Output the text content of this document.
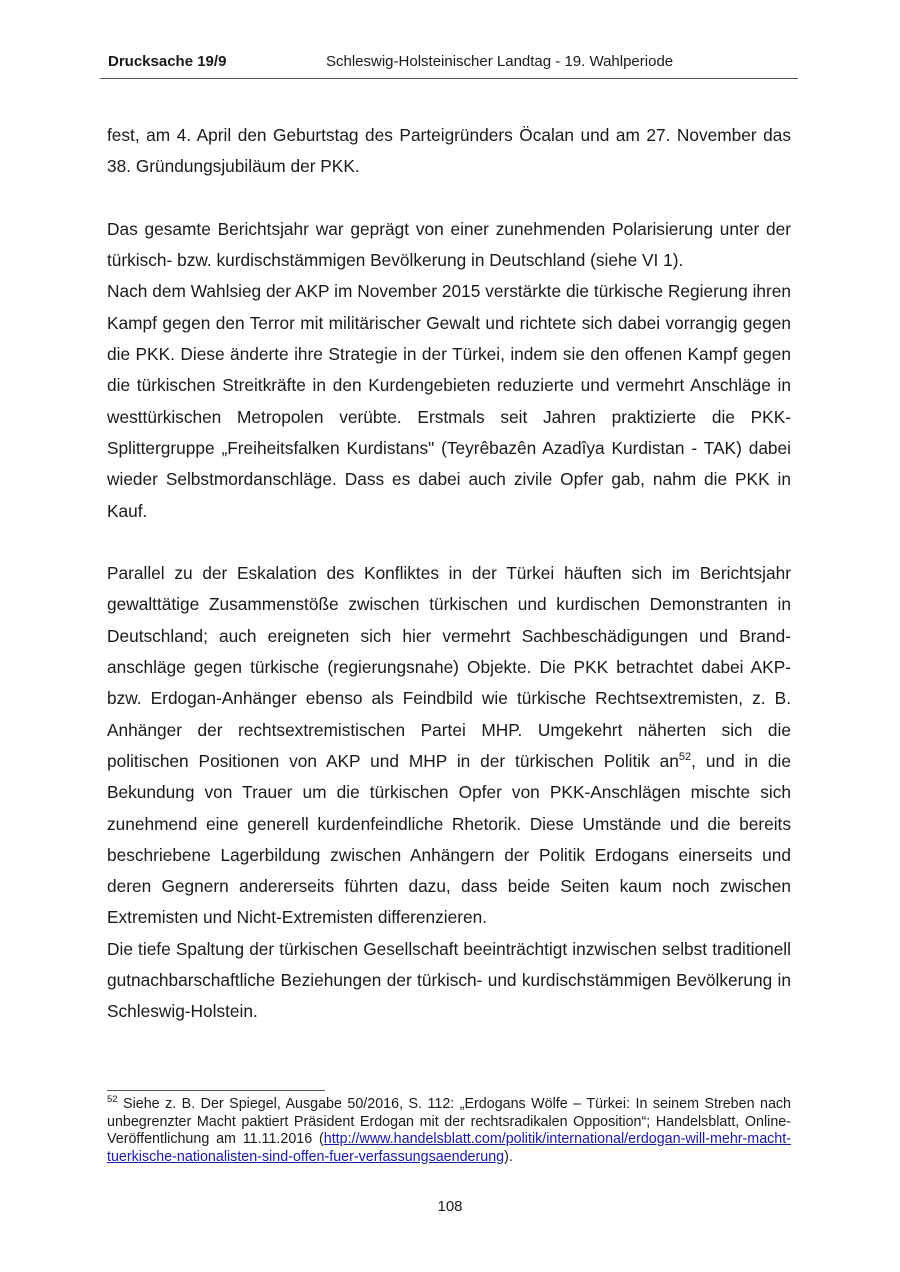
Drucksache 19/9	Schleswig-Holsteinischer Landtag - 19. Wahlperiode

fest, am 4. April den Geburtstag des Parteigründers Öcalan und am 27. November das 38. Gründungsjubiläum der PKK.

Das gesamte Berichtsjahr war geprägt von einer zunehmenden Polarisierung unter der türkisch- bzw. kurdischstämmigen Bevölkerung in Deutschland (siehe VI 1).

Nach dem Wahlsieg der AKP im November 2015 verstärkte die türkische Regierung ihren Kampf gegen den Terror mit militärischer Gewalt und richtete sich dabei vorrangig gegen die PKK. Diese änderte ihre Strategie in der Türkei, indem sie den offenen Kampf gegen die türkischen Streitkräfte in den Kurdengebieten reduzierte und vermehrt Anschläge in westtürkischen Metropolen verübte. Erstmals seit Jahren praktizierte die PKK-Splittergruppe „Freiheitsfalken Kurdistans" (Teyrêbazên Azadîya Kurdistan - TAK) dabei wieder Selbstmordanschläge. Dass es dabei auch zivile Opfer gab, nahm die PKK in Kauf.

Parallel zu der Eskalation des Konfliktes in der Türkei häuften sich im Berichtsjahr gewalttätige Zusammenstöße zwischen türkischen und kurdischen Demonstranten in Deutschland; auch ereigneten sich hier vermehrt Sachbeschädigungen und Brandanschläge gegen türkische (regierungsnahe) Objekte. Die PKK betrachtet dabei AKP- bzw. Erdogan-Anhänger ebenso als Feindbild wie türkische Rechtsextremisten, z. B. Anhänger der rechtsextremistischen Partei MHP. Umgekehrt näherten sich die politischen Positionen von AKP und MHP in der türkischen Politik an$^{52}$, und in die Bekundung von Trauer um die türkischen Opfer von PKK-Anschlägen mischte sich zunehmend eine generell kurdenfeindliche Rhetorik. Diese Umstände und die bereits beschriebene Lagerbildung zwischen Anhängern der Politik Erdogans einerseits und deren Gegnern andererseits führten dazu, dass beide Seiten kaum noch zwischen Extremisten und Nicht-Extremisten differenzieren.

Die tiefe Spaltung der türkischen Gesellschaft beeinträchtigt inzwischen selbst traditionell gutnachbarschaftliche Beziehungen der türkisch- und kurdischstämmigen Bevölkerung in Schleswig-Holstein.

$^{52}$ Siehe z. B. Der Spiegel, Ausgabe 50/2016, S. 112: „Erdogans Wölfe – Türkei: In seinem Streben nach unbegrenzter Macht paktiert Präsident Erdogan mit der rechtsradikalen Opposition“; Handelsblatt, Online-Veröffentlichung am 11.11.2016 (http://www.handelsblatt.com/politik/international/erdogan-will-mehr-macht-tuerkische-nationalisten-sind-offen-fuer-verfassungsaenderung).
108
